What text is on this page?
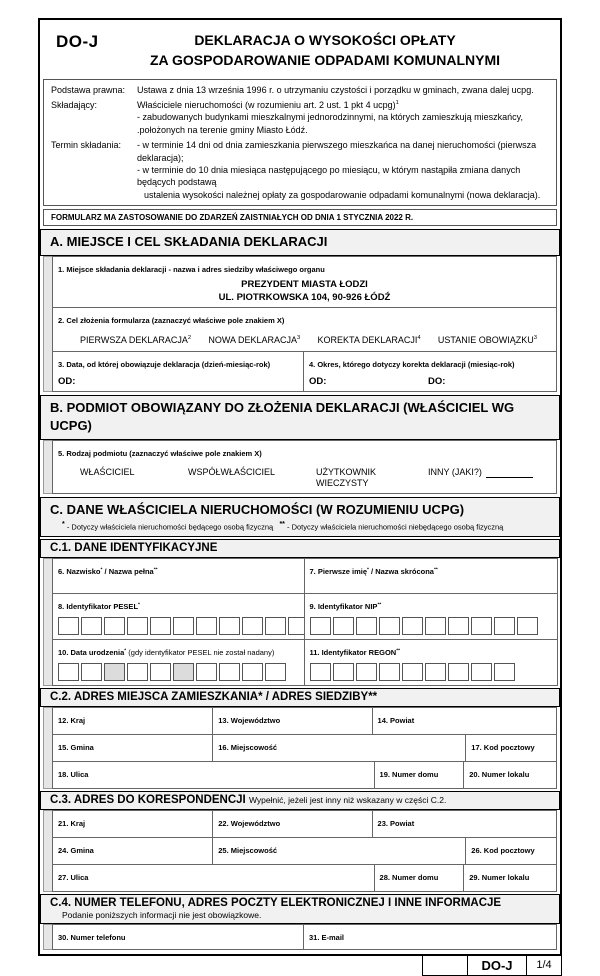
DO-J	DEKLARACJA O WYSOKOŚCI OPŁATY
ZA GOSPODAROWANIE ODPADAMI KOMUNALNYMI
Podstawa prawna:	Ustawa z dnia 13 września 1996 r. o utrzymaniu czystości i porządku w gminach, zwana dalej ucpg.
Składający:	Właściciele nieruchomości (w rozumieniu art. 2 ust. 1 pkt 4 ucpg)$^1$
- zabudowanych budynkami mieszkalnymi jednorodzinnymi, na których zamieszkują mieszkańcy,
.położonych na terenie gminy Miasto Łódź.
Termin składania:	- w terminie 14 dni od dnia zamieszkania pierwszego mieszkańca na danej nieruchomości (pierwsza deklaracja);
- w terminie do 10 dnia miesiąca następującego po miesiącu, w którym nastąpiła zmiana danych będących podstawą
ustalenia wysokości należnej opłaty za gospodarowanie odpadami komunalnymi (nowa deklaracja).
FORMULARZ MA ZASTOSOWANIE DO ZDARZEŃ ZAISTNIAŁYCH OD DNIA 1 STYCZNIA 2022 R.
A. MIEJSCE I CEL SKŁADANIA DEKLARACJI
1. Miejsce składania deklaracji - nazwa i adres siedziby właściwego organu
PREZYDENT MIASTA ŁODZI
UL. PIOTRKOWSKA 104, 90-926 ŁÓDŹ
2. Cel złożenia formularza (zaznaczyć właściwe pole znakiem X)
PIERWSZA DEKLARACJA$^2$ NOWA DEKLARACJA$^3$ KOREKTA DEKLARACJI$^4$ USTANIE OBOWIĄZKU$^3$
3. Data, od której obowiązuje deklaracja (dzień-miesiąc-rok)
OD:
4. Okres, którego dotyczy korekta deklaracji (miesiąc-rok)
OD:	DO:
B. PODMIOT OBOWIĄZANY DO ZŁOŻENIA DEKLARACJI (WŁAŚCICIEL WG UCPG)
5. Rodzaj podmiotu (zaznaczyć właściwe pole znakiem X)
WŁAŚCICIEL	WSPÓŁWŁAŚCICIEL	UŻYTKOWNIK
WIECZYSTY
INNY (JAKI?)
C. DANE WŁAŚCICIELA NIERUCHOMOŚCI (W ROZUMIENIU UCPG)
* - Dotyczy właściciela nieruchomości będącego osobą fizyczną ** - Dotyczy właściciela nieruchomości niebędącego osobą fizyczną
C.1. DANE IDENTYFIKACYJNE
6. Nazwisko* / Nazwa pełna**	7. Pierwsze imię* / Nazwa skrócona**
8. Identyfikator PESEL*	9. Identyfikator NIP**
10. Data urodzenia* (gdy identyfikator PESEL nie został nadany)	11. Identyfikator REGON**
C.2. ADRES MIEJSCA ZAMIESZKANIA* / ADRES SIEDZIBY**
12. Kraj	13. Województwo	14. Powiat
15. Gmina	16. Miejscowość	17. Kod pocztowy
18. Ulica	19. Numer domu	20. Numer lokalu
C.3. ADRES DO KORESPONDENCJI Wypełnić, jeżeli jest inny niż wskazany w części C.2.
21. Kraj	22. Województwo	23. Powiat
24. Gmina	25. Miejscowość	26. Kod pocztowy
27. Ulica	28. Numer domu	29. Numer lokalu
C.4. NUMER TELEFONU, ADRES POCZTY ELEKTRONICZNEJ I INNE INFORMACJE
Podanie poniższych informacji nie jest obowiązkowe.
30. Numer telefonu	31. E-mail
DO-J	1/4
